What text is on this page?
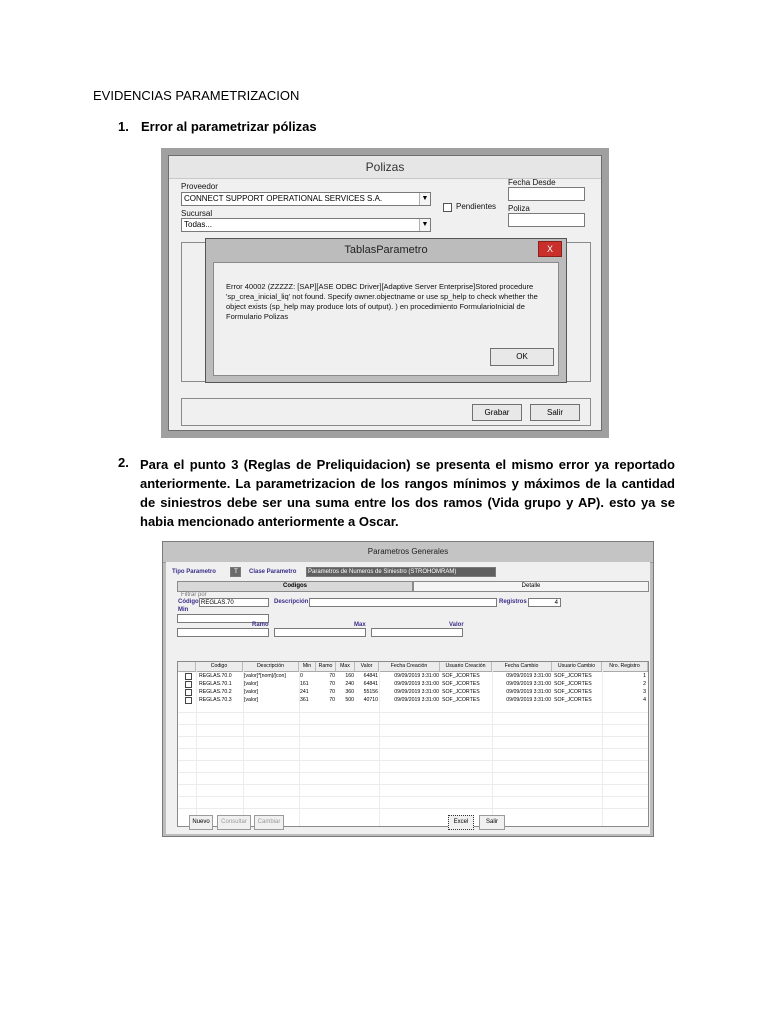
EVIDENCIAS PARAMETRIZACION
1. Error al parametrizar pólizas
Polizas
Proveedor
CONNECT SUPPORT OPERATIONAL SERVICES S.A.	▼
Sucursal
Todas...	▼
Pendientes
Fecha Desde
Poliza
Grabar	Salir
TablasParametro	X
Error 40002 (ZZZZZ: [SAP][ASE ODBC Driver][Adaptive Server Enterprise]Stored procedure 'sp_crea_inicial_liq' not found. Specify owner.objectname or use sp_help to check whether the object exists (sp_help may produce lots of output). ) en procedimiento FormularioInicial de Formulario Polizas
OK
2. Para el punto 3 (Reglas de Preliquidacion) se presenta el mismo error ya reportado anteriormente. La parametrizacion de los rangos mínimos y máximos de la cantidad de siniestros debe ser una suma entre los dos ramos (Vida grupo y AP). esto ya se habia mencionado anteriormente a Oscar.
Parametros Generales
Tipo Parametro	T	Clase Parametro	Parametros de Numeros de Siniestro (STROHOMRAM)
Codigos	Detalle
Filtrar por
Código REGLAS.70	Descripción	Registros	4
Min
Ramo	Max	Valor
Codigo	Descripción	Min	Ramo	Max	Valor	Fecha Creación	Usuario Creación	Fecha Cambio	Usuario Cambio	Nro. Registro
REGLAS.70.0	[valor]*[nom]/[con]	0	70	160	64841	09/09/2019 3:31:00 SOF_JCORTES	09/09/2019 3:31:00 SOF_JCORTES	1
REGLAS.70.1	[valor]	161	70	240	64841	09/09/2019 3:31:00 SOF_JCORTES	09/09/2019 3:31:00 SOF_JCORTES	2
REGLAS.70.2	[valor]	241	70	360	55156	09/09/2019 3:31:00 SOF_JCORTES	09/09/2019 3:31:00 SOF_JCORTES	3
REGLAS.70.3	[valor]	361	70	500	40710	09/09/2019 3:31:00 SOF_JCORTES	09/09/2019 3:31:00 SOF_JCORTES	4
Nuevo	Consultar	Cambiar	Excel	Salir
